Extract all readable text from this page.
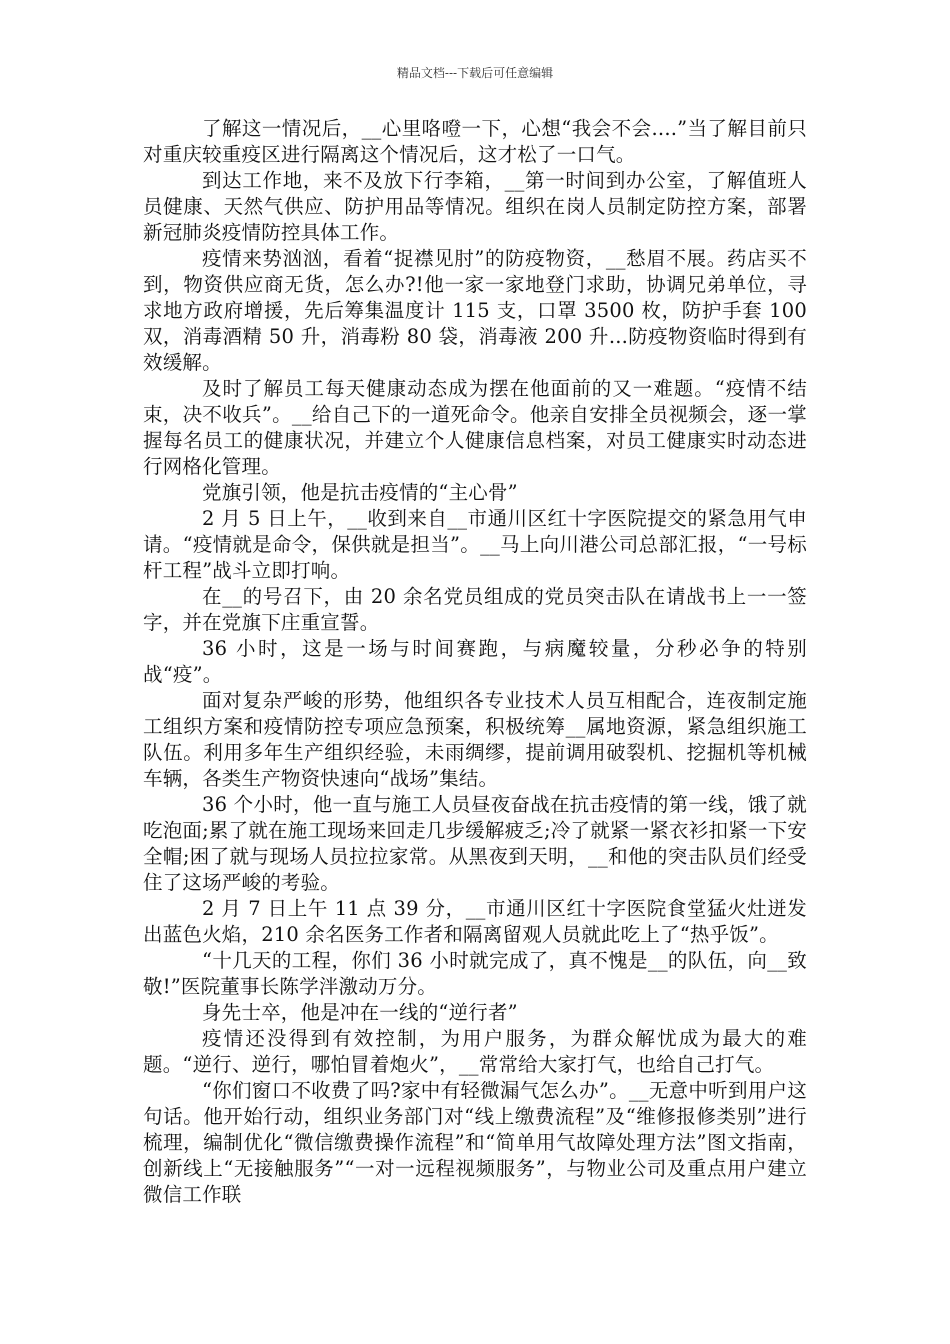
精品文档---下载后可任意编辑

了解这一情况后，__心里咯噔一下，心想“我会不会....”当了解目前只对重庆较重疫区进行隔离这个情况后，这才松了一口气。

到达工作地，来不及放下行李箱，__第一时间到办公室，了解值班人员健康、天然气供应、防护用品等情况。组织在岗人员制定防控方案，部署新冠肺炎疫情防控具体工作。

疫情来势汹汹，看着“捉襟见肘”的防疫物资，__愁眉不展。药店买不到，物资供应商无货，怎么办?!他一家一家地登门求助，协调兄弟单位，寻求地方政府增援，先后筹集温度计 115 支，口罩 3500 枚，防护手套 100 双，消毒酒精 50 升，消毒粉 80 袋，消毒液 200 升...防疫物资临时得到有效缓解。

及时了解员工每天健康动态成为摆在他面前的又一难题。“疫情不结束，决不收兵”。__给自己下的一道死命令。他亲自安排全员视频会，逐一掌握每名员工的健康状况，并建立个人健康信息档案，对员工健康实时动态进行网格化管理。

党旗引领，他是抗击疫情的“主心骨”

2 月 5 日上午，__收到来自__市通川区红十字医院提交的紧急用气申请。“疫情就是命令，保供就是担当”。__马上向川港公司总部汇报，“一号标杆工程”战斗立即打响。

在__的号召下，由 20 余名党员组成的党员突击队在请战书上一一签字，并在党旗下庄重宣誓。

36 小时，这是一场与时间赛跑，与病魔较量，分秒必争的特别战“疫”。

面对复杂严峻的形势，他组织各专业技术人员互相配合，连夜制定施工组织方案和疫情防控专项应急预案，积极统筹__属地资源，紧急组织施工队伍。利用多年生产组织经验，未雨绸缪，提前调用破裂机、挖掘机等机械车辆，各类生产物资快速向“战场”集结。

36 个小时，他一直与施工人员昼夜奋战在抗击疫情的第一线，饿了就吃泡面;累了就在施工现场来回走几步缓解疲乏;冷了就紧一紧衣衫扣紧一下安全帽;困了就与现场人员拉拉家常。从黑夜到天明，__和他的突击队员们经受住了这场严峻的考验。

2 月 7 日上午 11 点 39 分，__市通川区红十字医院食堂猛火灶迸发出蓝色火焰，210 余名医务工作者和隔离留观人员就此吃上了“热乎饭”。

“十几天的工程，你们 36 小时就完成了，真不愧是__的队伍，向__致敬!”医院董事长陈学泮激动万分。

身先士卒，他是冲在一线的“逆行者”

疫情还没得到有效控制，为用户服务，为群众解忧成为最大的难题。“逆行、逆行，哪怕冒着炮火”，__常常给大家打气，也给自己打气。

“你们窗口不收费了吗?家中有轻微漏气怎么办”。__无意中听到用户这句话。他开始行动，组织业务部门对“线上缴费流程”及“维修报修类别”进行梳理，编制优化“微信缴费操作流程”和“简单用气故障处理方法”图文指南，创新线上“无接触服务”“一对一远程视频服务”，与物业公司及重点用户建立微信工作联
